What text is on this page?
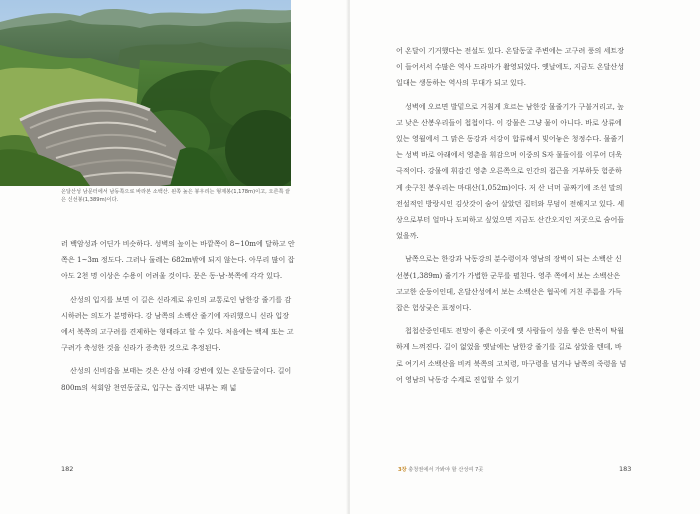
온달산성 남문터에서 남동쪽으로 바라본 소백산. 왼쪽 높은 봉우리는 형제봉(1,178m)이고, 오른쪽 끝은 신선봉(1,389m)이다.

러 백암성과 어딘가 비슷하다. 성벽의 높이는 바깥쪽이 8~10m에 달하고 안쪽은 1~3m 정도다. 그러나 둘레는 682m밖에 되지 않는다. 아무리 많이 잡아도 2천 명 이상은 수용이 어려울 것이다. 문은 동·남·북쪽에 각각 있다.

산성의 입지를 보면 이 길은 신라계로 유인의 교통로인 남한강 줄기를 감시하려는 의도가 분명하다. 강 남쪽의 소백산 줄기에 자리했으니 신라 입장에서 북쪽의 고구려를 견제하는 형태라고 할 수 있다. 처음에는 백제 또는 고구려가 축성한 것을 신라가 증축한 것으로 추정된다.

산성의 신비감을 보태는 것은 산성 아래 강변에 있는 온달동굴이다. 길이 800m의 석회암 천연동굴로, 입구는 좁지만 내부는 꽤 넓

182

어 온달이 기거했다는 전설도 있다. 온달동굴 주변에는 고구려 풍의 세트장이 들어서서 수많은 역사 드라마가 촬영되었다. 옛날에도, 지금도 온달산성 일대는 생동하는 역사의 무대가 되고 있다.

성벽에 오르면 발밑으로 거침게 흐르는 남한강 물줄기가 구불거리고, 높고 낮은 산봉우리들이 첩첩이다. 이 강물은 그냥 물이 아니다. 바로 상류에 있는 영월에서 그 맑은 동강과 서강이 합류해서 빚어놓은 청정수다. 물줄기는 성벽 바로 아래에서 영춘을 휘감으며 이중의 S자 물돌이를 이루어 더욱 극적이다. 강물에 휘감긴 영춘 오른쪽으로 인간의 접근을 거부하듯 험준하게 솟구친 봉우리는 마대산(1,052m)이다. 저 산 너머 골짜기에 조선 말의 전설적인 방랑시인 김삿갓이 숨어 살았던 집터와 무덤이 전해지고 있다. 세상으로부터 얼마나 도피하고 싶었으면 지금도 산간오지인 저곳으로 숨어들었을까.

남쪽으로는 한강과 낙동강의 분수령이자 영남의 장벽이 되는 소백산 신선봉(1,389m) 줄기가 가볍한 군무를 펼친다. 영주 쪽에서 보는 소백산은 고고한 순둥이인데, 온달산성에서 보는 소백산은 협곡에 거친 주름을 가득 잡은 험상궂은 표정이다.

첩첩산중인데도 전망이 좋은 이곳에 옛 사람들이 성을 쌓은 안목이 탁월하게 느껴진다. 길이 없었을 옛날에는 남한강 줄기를 길로 삼았을 텐데, 바로 여기서 소백산을 비켜 북쪽의 고치령, 마구령을 넘거나 남쪽의 죽령을 넘어 영남의 낙동강 수계로 진입할 수 있기

3장 충청권에서 가봐야 할 산성여 7곳	183
